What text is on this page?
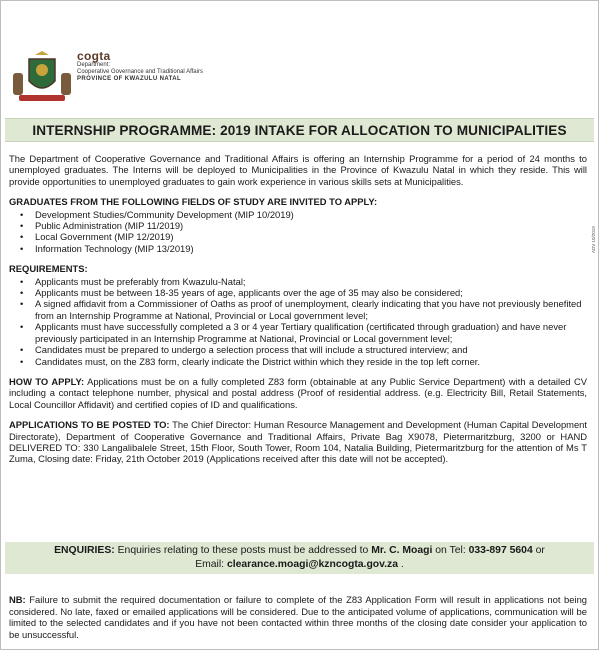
cogta
Department:
Cooperative Governance and Traditional Affairs
PROVINCE OF KWAZULU NATAL
INTERNSHIP PROGRAMME: 2019 INTAKE FOR ALLOCATION TO MUNICIPALITIES

The Department of Cooperative Governance and Traditional Affairs is offering an Internship Programme for a period of 24 months to unemployed graduates. The Interns will be deployed to Municipalities in the Province of Kwazulu Natal in which they reside. This will provide opportunities to unemployed graduates to gain work experience in various skills sets at Municipalities.

GRADUATES FROM THE FOLLOWING FIELDS OF STUDY ARE INVITED TO APPLY:
• Development Studies/Community Development (MIP 10/2019)
• Public Administration (MIP 11/2019)
• Local Government (MIP 12/2019)
• Information Technology (MIP 13/2019)
REQUIREMENTS:
• Applicants must be preferably from Kwazulu-Natal;
• Applicants must be between 18-35 years of age, applicants over the age of 35 may also be considered;
• A signed affidavit from a Commissioner of Oaths as proof of unemployment, clearly indicating that you have not previously benefited from an Internship Programme at National, Provincial or Local government level;
• Applicants must have successfully completed a 3 or 4 year Tertiary qualification (certificated through graduation) and have never previously participated in an Internship Programme at National, Provincial or Local government level;
• Candidates must be prepared to undergo a selection process that will include a structured interview; and
• Candidates must, on the Z83 form, clearly indicate the District within which they reside in the top left corner.

HOW TO APPLY: Applications must be on a fully completed Z83 form (obtainable at any Public Service Department) with a detailed CV including a contact telephone number, physical and postal address (Proof of residential address. (e.g. Electricity Bill, Retail Statements, Local Councillor Affidavit) and certified copies of ID and qualifications.

APPLICATIONS TO BE POSTED TO: The Chief Director: Human Resource Management and Development (Human Capital Development Directorate), Department of Cooperative Governance and Traditional Affairs, Private Bag X9078, Pietermaritzburg, 3200 or HAND DELIVERED TO: 330 Langalibalele Street, 15th Floor, South Tower, Room 104, Natalia Building, Pietermaritzburg for the attention of Ms T Zuma, Closing date: Friday, 21th October 2019 (Applications received after this date will not be accepted).

ENQUIRIES: Enquiries relating to these posts must be addressed to Mr. C. Moagi on Tel: 033-897 5604 or
Email: clearance.moagi@kzncogta.gov.za .

NB: Failure to submit the required documentation or failure to complete of the Z83 Application Form will result in applications not being considered. No late, faxed or emailed applications will be considered. Due to the anticipated volume of applications, communication will be limited to the selected candidates and if you have not been contacted within three months of the closing date consider your application to be unsuccessful.

ADV 10/2019
